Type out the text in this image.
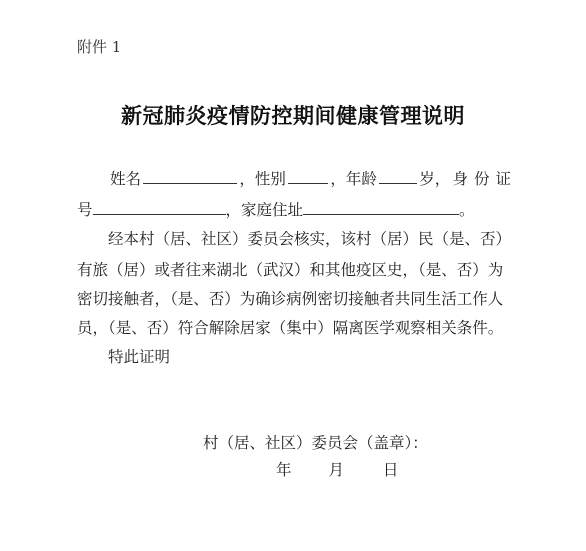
附件 1
新冠肺炎疫情防控期间健康管理说明
姓名	，性别	，年龄	岁， 身份证
号	，家庭住址	。
经本村（居、社区）委员会核实，该村（居）民（是、否）
有旅（居）或者往来湖北（武汉）和其他疫区史，（是、否）为
密切接触者，（是、否）为确诊病例密切接触者共同生活工作人
员，（是、否）符合解除居家（集中）隔离医学观察相关条件。
特此证明
村（居、社区）委员会（盖章）：
年 月	日
